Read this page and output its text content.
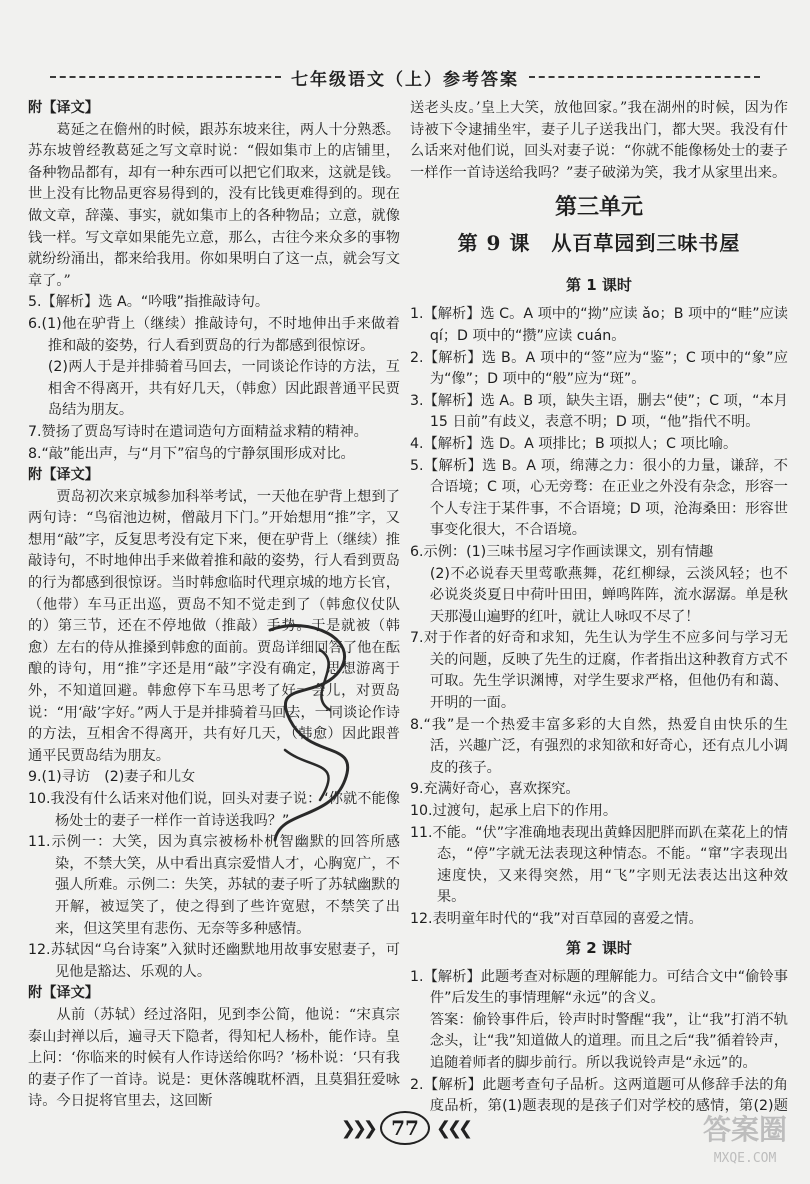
七年级语文（上）参考答案

附【译文】

葛延之在儋州的时候，跟苏东坡来往，两人十分熟悉。苏东坡曾经教葛延之写文章时说：“假如集市上的店铺里，备种物品都有，却有一种东西可以把它们取来，这就是钱。世上没有比物品更容易得到的，没有比钱更难得到的。现在做文章，辞藻、事实，就如集市上的各种物品；立意，就像钱一样。写文章如果能先立意，那么，古往今来众多的事物就纷纷涌出，都来给我用。你如果明白了这一点，就会写文章了。”

5.【解析】选 A。“吟哦”指推敲诗句。

6.(1)他在驴背上（继续）推敲诗句，不时地伸出手来做着推和敲的姿势，行人看到贾岛的行为都感到很惊讶。

(2)两人于是并排骑着马回去，一同谈论作诗的方法，互相舍不得离开，共有好几天，（韩愈）因此跟普通平民贾岛结为朋友。

7.赞扬了贾岛写诗时在遣词造句方面精益求精的精神。

8.“敲”能出声，与“月下”宿鸟的宁静氛围形成对比。

附【译文】

贾岛初次来京城参加科举考试，一天他在驴背上想到了两句诗：“鸟宿池边树，僧敲月下门。”开始想用“推”字，又想用“敲”字，反复思考没有定下来，便在驴背上（继续）推敲诗句，不时地伸出手来做着推和敲的姿势，行人看到贾岛的行为都感到很惊讶。当时韩愈临时代理京城的地方长官，（他带）车马正出巡，贾岛不知不觉走到了（韩愈仪仗队的）第三节，还在不停地做（推敲）手势。于是就被（韩愈）左右的侍从推搡到韩愈的面前。贾岛详细回答了他在酝酿的诗句，用“推”字还是用“敲”字没有确定，思想游离于外，不知道回避。韩愈停下车马思考了好一会儿，对贾岛说：“用‘敲’字好。”两人于是并排骑着马回去，一同谈论作诗的方法，互相舍不得离开，共有好几天，（韩愈）因此跟普通平民贾岛结为朋友。

9.(1)寻访　(2)妻子和儿女

10.我没有什么话来对他们说，回头对妻子说：“你就不能像杨处士的妻子一样作一首诗送我吗？”

11.示例一：大笑，因为真宗被杨朴机智幽默的回答所感染，不禁大笑，从中看出真宗爱惜人才，心胸宽广，不强人所难。示例二：失笑，苏轼的妻子听了苏轼幽默的开解，被逗笑了，使之得到了些许宽慰，不禁笑了出来，但这笑里有悲伤、无奈等多种感情。

12.苏轼因“乌台诗案”入狱时还幽默地用故事安慰妻子，可见他是豁达、乐观的人。

附【译文】

从前（苏轼）经过洛阳，见到李公简，他说：“宋真宗泰山封禅以后，遍寻天下隐者，得知杞人杨朴，能作诗。皇上问：‘你临来的时候有人作诗送给你吗？’杨朴说：‘只有我的妻子作了一首诗。说是：更休落魄耽杯酒，且莫猖狂爱咏诗。今日捉将官里去，这回断

送老头皮。’皇上大笑，放他回家。”我在湖州的时候，因为作诗被下令逮捕坐牢，妻子儿子送我出门，都大哭。我没有什么话来对他们说，回头对妻子说：“你就不能像杨处士的妻子一样作一首诗送给我吗？”妻子破涕为笑，我才从家里出来。

第三单元
第 9 课　从百草园到三味书屋
第 1 课时

1.【解析】选 C。A 项中的“拗”应读 ǎo；B 项中的“畦”应读 qí；D 项中的“攒”应读 cuán。

2.【解析】选 B。A 项中的“签”应为“鉴”；C 项中的“象”应为“像”；D 项中的“般”应为“斑”。

3.【解析】选 A。B 项，缺失主语，删去“使”；C 项，“本月 15 日前”有歧义，表意不明；D 项，“他”指代不明。

4.【解析】选 D。A 项排比；B 项拟人；C 项比喻。

5.【解析】选 B。A 项，绵薄之力：很小的力量，谦辞，不合语境；C 项，心无旁骛：在正业之外没有杂念，形容一个人专注于某件事，不合语境；D 项，沧海桑田：形容世事变化很大，不合语境。

6.示例：(1)三味书屋习字作画读课文，别有情趣

(2)不必说春天里莺歌燕舞，花红柳绿，云淡风轻；也不必说炎炎夏日中荷叶田田，蝉鸣阵阵，流水潺潺。单是秋天那漫山遍野的红叶，就让人咏叹不尽了！

7.对于作者的好奇和求知，先生认为学生不应多问与学习无关的问题，反映了先生的迂腐，作者指出这种教育方式不可取。先生学识渊博，对学生要求严格，但他仍有和蔼、开明的一面。

8.“我”是一个热爱丰富多彩的大自然，热爱自由快乐的生活，兴趣广泛，有强烈的求知欲和好奇心，还有点儿小调皮的孩子。

9.充满好奇心，喜欢探究。

10.过渡句，起承上启下的作用。

11.不能。“伏”字准确地表现出黄蜂因肥胖而趴在菜花上的情态，“停”字就无法表现这种情态。不能。“窜”字表现出速度快，又来得突然，用“飞”字则无法表达出这种效果。

12.表明童年时代的“我”对百草园的喜爱之情。

第 2 课时

1.【解析】此题考查对标题的理解能力。可结合文中“偷铃事件”后发生的事情理解“永远”的含义。

答案：偷铃事件后，铃声时时警醒“我”，让“我”打消不轨念头，让“我”知道做人的道理。而且之后“我”循着铃声，追随着师者的脚步前行。所以我说铃声是“永远”的。

2.【解析】此题考查句子品析。这两道题可从修辞手法的角度品析，第(1)题表现的是孩子们对学校的感情，第(2)题

❯❯❯ 77 ❮❮❮	答案圈
MXQE.COM
